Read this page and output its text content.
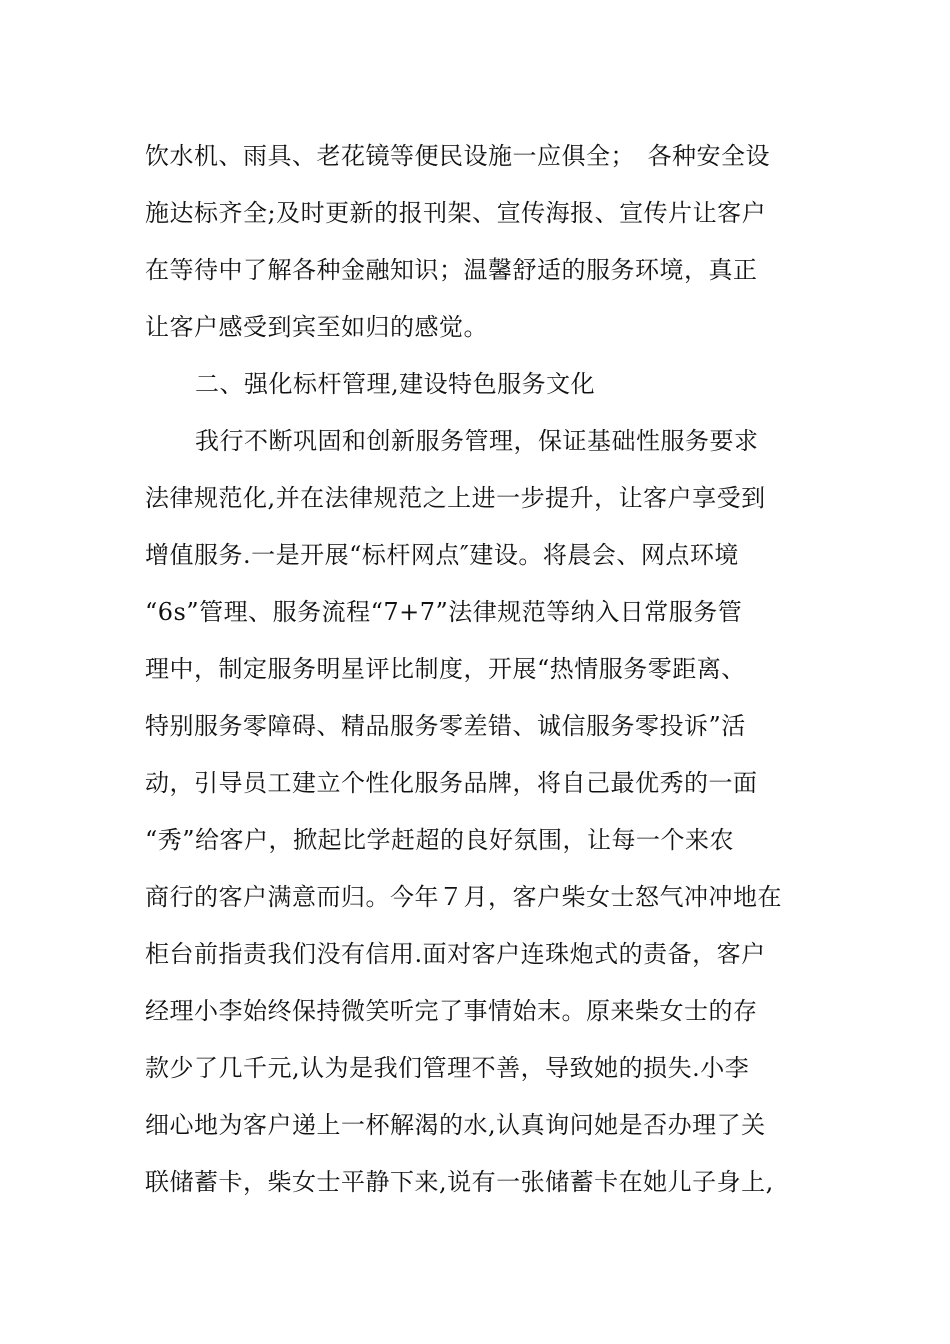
饮水机、雨具、老花镜等便民设施一应俱全；　各种安全设
施达标齐全;及时更新的报刊架、宣传海报、宣传片让客户
在等待中了解各种金融知识；温馨舒适的服务环境，真正
让客户感受到宾至如归的感觉。
二、强化标杆管理,建设特色服务文化
我行不断巩固和创新服务管理，保证基础性服务要求
法律规范化,并在法律规范之上进一步提升，让客户享受到
增值服务.一是开展“标杆网点″建设。将晨会、网点环境
“6s”管理、服务流程“7+7”法律规范等纳入日常服务管
理中，制定服务明星评比制度，开展“热情服务零距离、
特别服务零障碍、精品服务零差错、诚信服务零投诉”活
动，引导员工建立个性化服务品牌，将自己最优秀的一面
“秀”给客户，掀起比学赶超的良好氛围，让每一个来农
商行的客户满意而归。今年７月，客户柴女士怒气冲冲地在
柜台前指责我们没有信用.面对客户连珠炮式的责备，客户
经理小李始终保持微笑听完了事情始末。原来柴女士的存
款少了几千元,认为是我们管理不善，导致她的损失.小李
细心地为客户递上一杯解渴的水,认真询问她是否办理了关
联储蓄卡，柴女士平静下来,说有一张储蓄卡在她儿子身上,
